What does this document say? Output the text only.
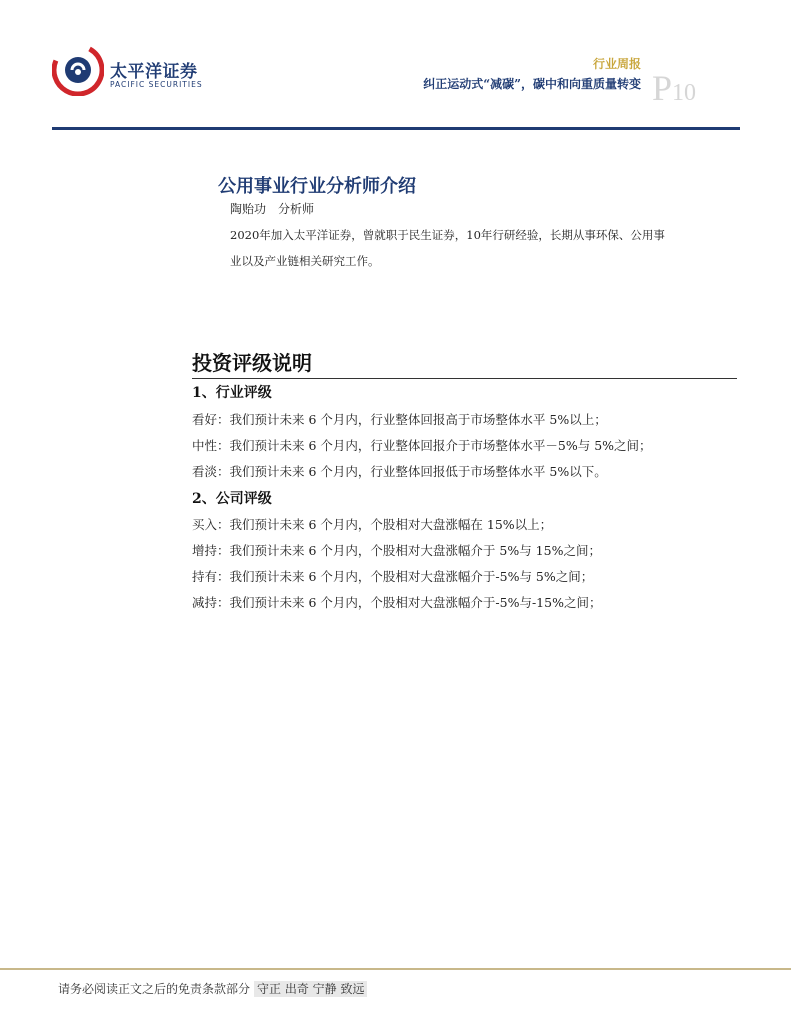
太平洋证券
PACIFIC SECURITIES
行业周报
纠正运动式“减碳”，碳中和向重质量转变 P10
公用事业行业分析师介绍
陶贻功　分析师
2020年加入太平洋证券，曾就职于民生证券，10年行研经验，长期从事环保、公用事
业以及产业链相关研究工作。
投资评级说明
1、行业评级
看好：我们预计未来 6 个月内，行业整体回报高于市场整体水平 5%以上；
中性：我们预计未来 6 个月内，行业整体回报介于市场整体水平－5%与 5%之间；
看淡：我们预计未来 6 个月内，行业整体回报低于市场整体水平 5%以下。
2、公司评级
买入：我们预计未来 6 个月内，个股相对大盘涨幅在 15%以上；
增持：我们预计未来 6 个月内，个股相对大盘涨幅介于 5%与 15%之间；
持有：我们预计未来 6 个月内，个股相对大盘涨幅介于-5%与 5%之间；
减持：我们预计未来 6 个月内，个股相对大盘涨幅介于-5%与-15%之间；
请务必阅读正文之后的免责条款部分 守正 出奇 宁静 致远
